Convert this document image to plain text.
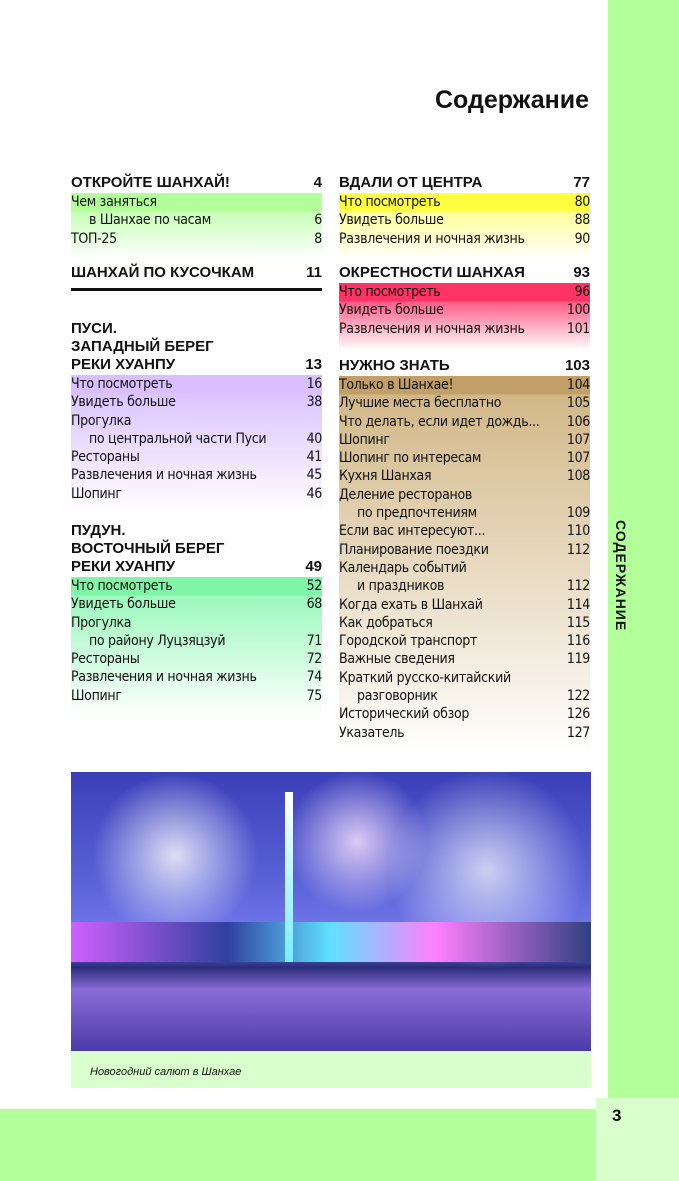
СОДЕРЖАНИЕ
3
Содержание
ОТКРОЙТЕ ШАНХАЙ!	4
Чем заняться
в Шанхае по часам	6
ТОП-25	8
ШАНХАЙ ПО КУСОЧКАМ	11
ПУСИ.
ЗАПАДНЫЙ БЕРЕГ
РЕКИ ХУАНПУ	13
Что посмотреть	16
Увидеть больше	38
Прогулка
по центральной части Пуси	40
Рестораны	41
Развлечения и ночная жизнь	45
Шопинг	46
ПУДУН.
ВОСТОЧНЫЙ БЕРЕГ
РЕКИ ХУАНПУ	49
Что посмотреть	52
Увидеть больше	68
Прогулка
по району Луцзяцзуй	71
Рестораны	72
Развлечения и ночная жизнь	74
Шопинг	75
ВДАЛИ ОТ ЦЕНТРА	77
Что посмотреть	80
Увидеть больше	88
Развлечения и ночная жизнь	90
ОКРЕСТНОСТИ ШАНХАЯ	93
Что посмотреть	96
Увидеть больше	100
Развлечения и ночная жизнь	101
НУЖНО ЗНАТЬ	103
Только в Шанхае!	104
Лучшие места бесплатно	105
Что делать, если идет дождь... 106
Шопинг	107
Шопинг по интересам	107
Кухня Шанхая	108
Деление ресторанов
по предпочтениям	109
Если вас интересуют...	110
Планирование поездки	112
Календарь событий
и праздников	112
Когда ехать в Шанхай	114
Как добраться	115
Городской транспорт	116
Важные сведения	119
Краткий русско-китайский
разговорник	122
Исторический обзор	126
Указатель	127
Новогодний салют в Шанхае
